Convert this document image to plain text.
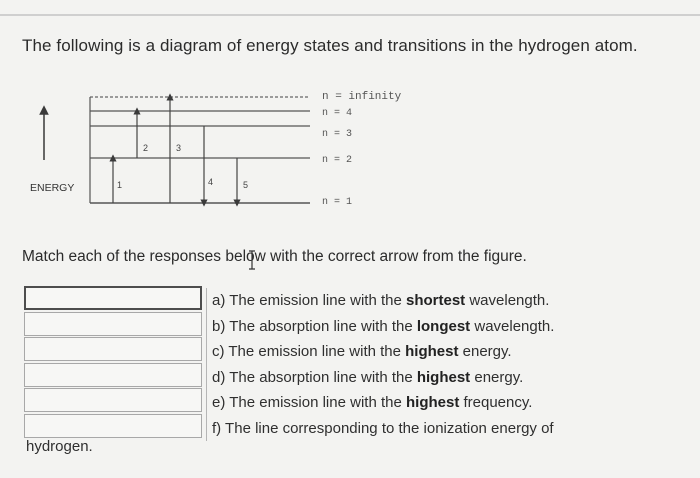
The following is a diagram of energy states and transitions in the hydrogen atom.
ENERGY
n = infinity
n = 4
n = 3
n = 2
n = 1
1
2	3
4	5
Match each of the responses below with the correct arrow from the figure.
a) The emission line with the shortest wavelength.
b) The absorption line with the longest wavelength.
c) The emission line with the highest energy.
d) The absorption line with the highest energy.
e) The emission line with the highest frequency.
f) The line corresponding to the ionization energy of
hydrogen.
